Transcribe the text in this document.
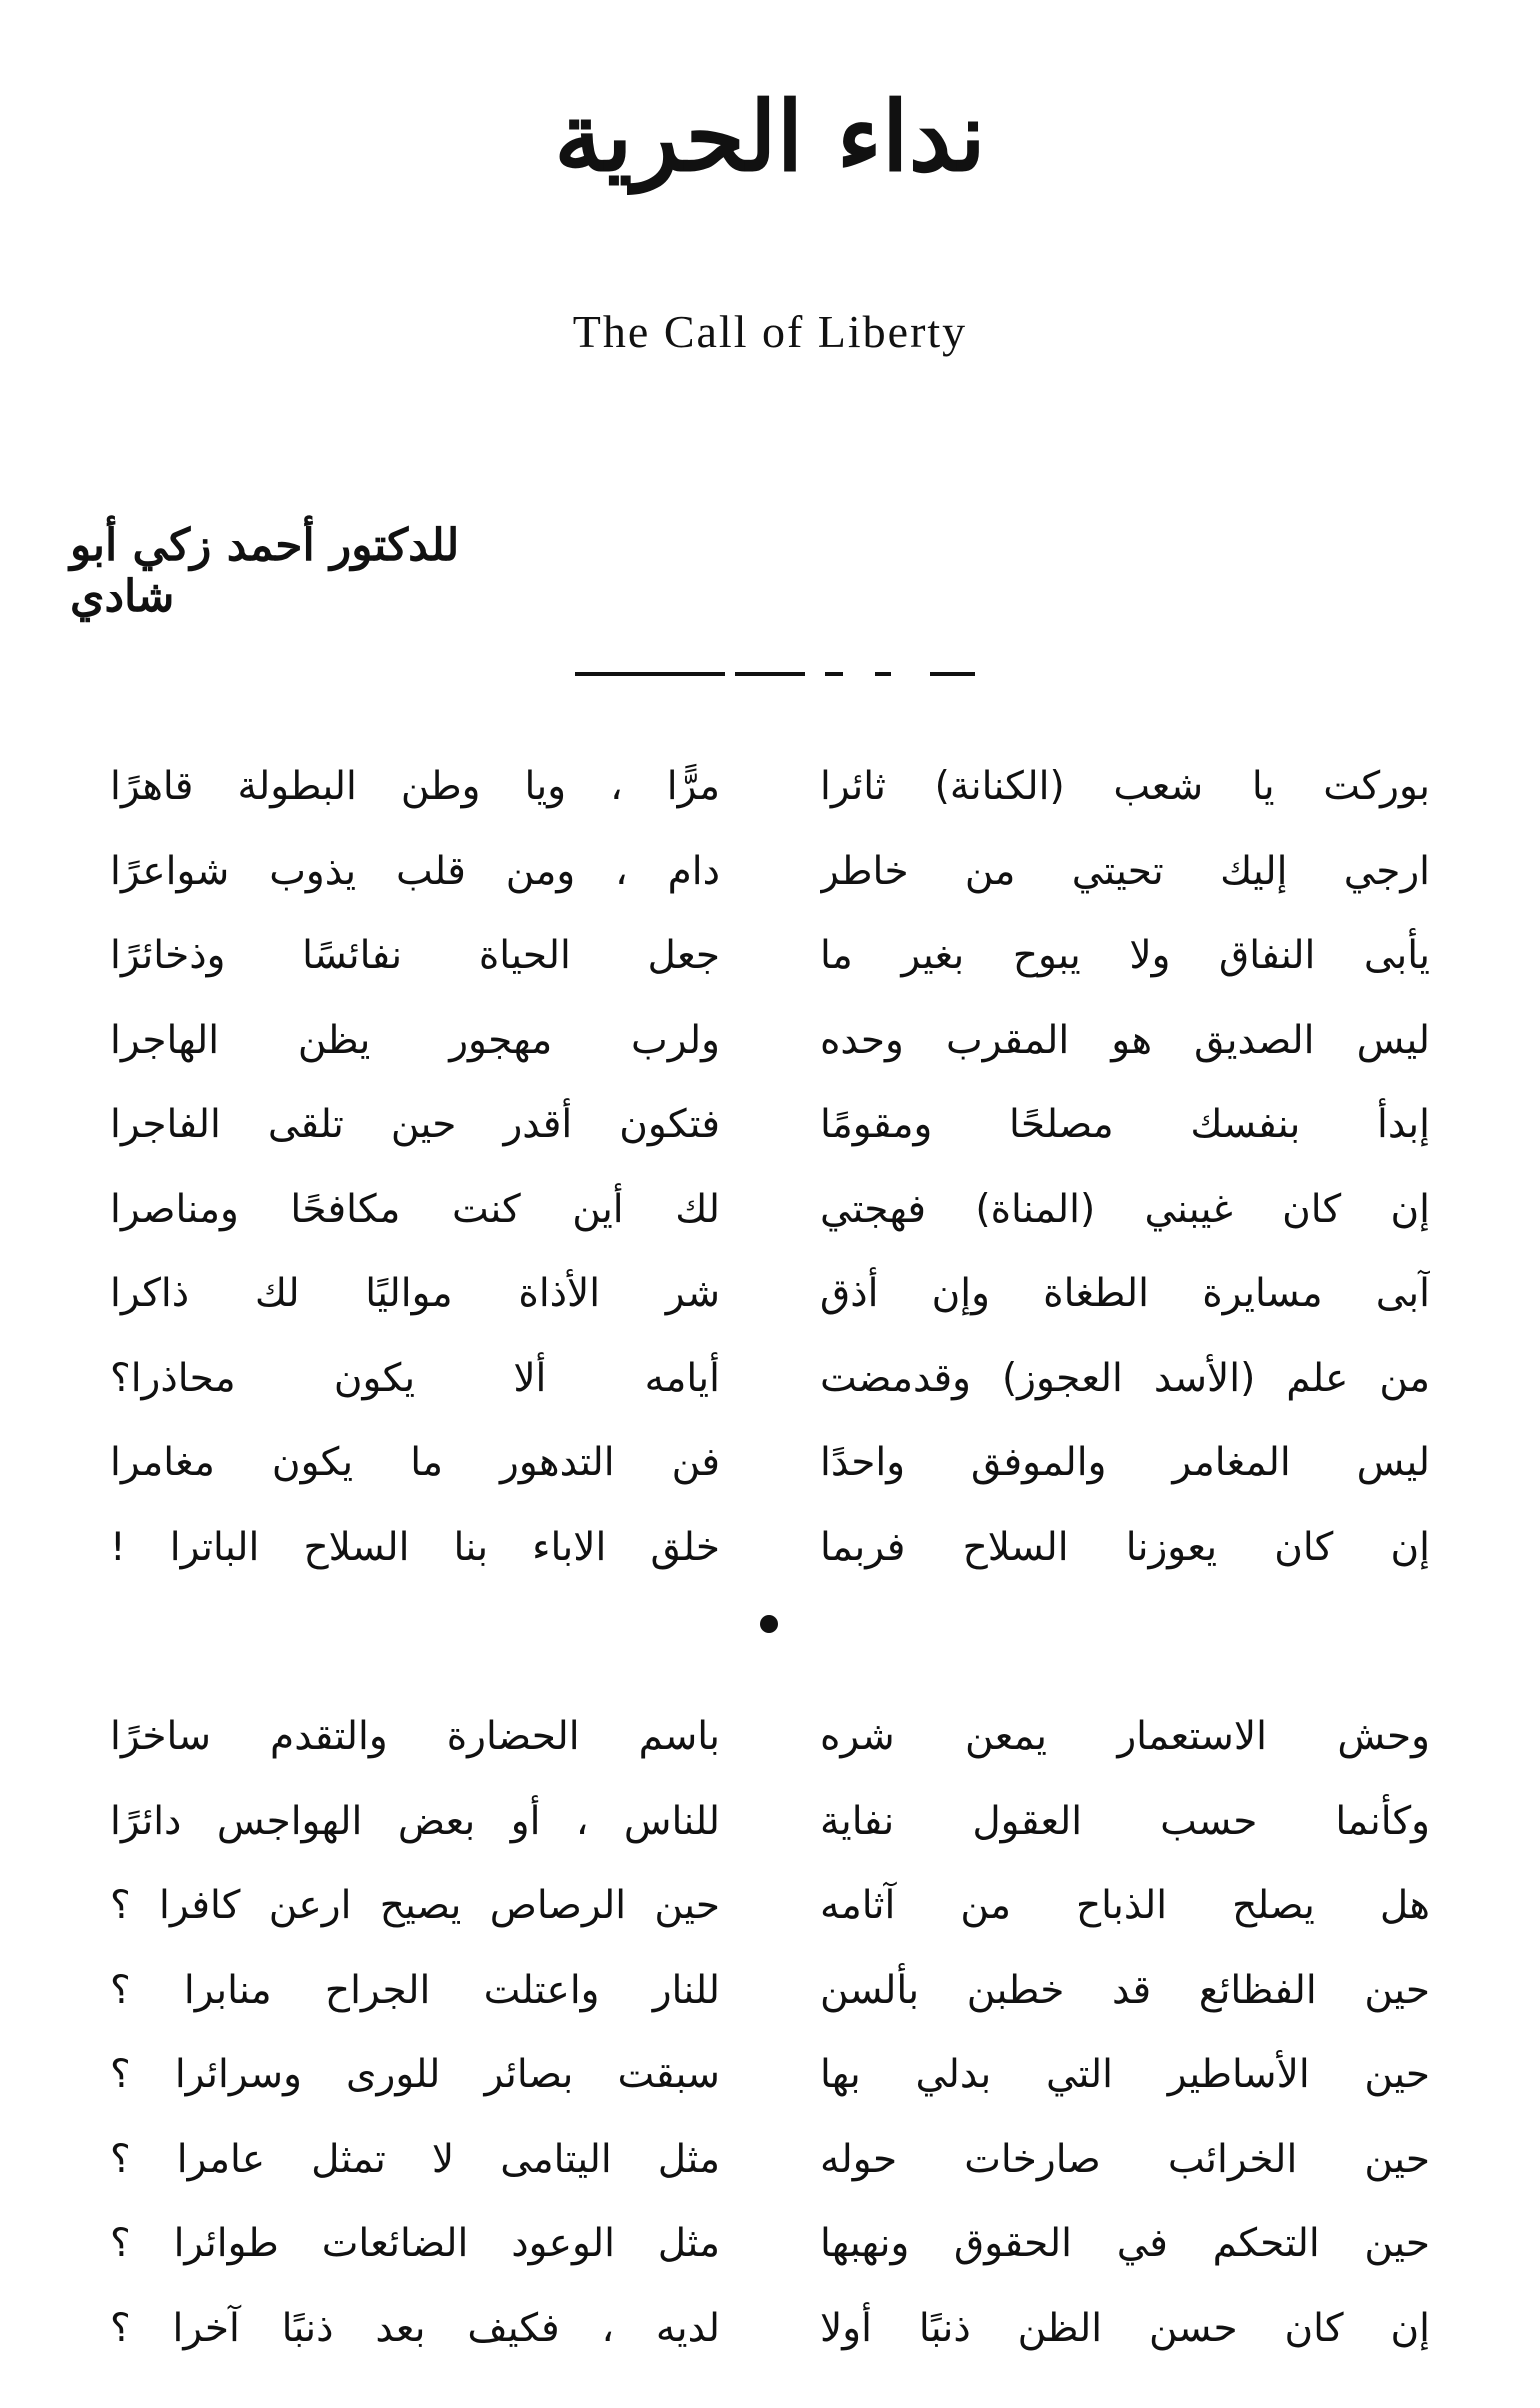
نداء الحرية
The Call of Liberty
للدكتور أحمد زكي أبو شادي
بوركت يا شعب (الكنانة) ثائرا
مرًّا ، ويا وطن البطولة قاهرًا
ارجي إليك تحيتي من خاطر
دام ، ومن قلب يذوب شواعرًا
يأبى النفاق ولا يبوح بغير ما
جعل الحياة نفائسًا وذخائرًا
ليس الصديق هو المقرب وحده
ولرب مهجور يظن الهاجرا
إبدأ بنفسك مصلحًا ومقومًا
فتكون أقدر حين تلقى الفاجرا
إن كان غيبني (المناة) فهجتي
لك أين كنت مكافحًا ومناصرا
آبى مسايرة الطغاة وإن أذق
شر الأذاة مواليًا لك ذاكرا
من علم (الأسد العجوز) وقدمضت
أيامه ألا يكون محاذرا؟
ليس المغامر والموفق واحدًا
فن التدهور ما يكون مغامرا
إن كان يعوزنا السلاح فربما
خلق الاباء بنا السلاح الباترا !
وحش الاستعمار يمعن شره
باسم الحضارة والتقدم ساخرًا
وكأنما حسب العقول نفاية
للناس ، أو بعض الهواجس دائرًا
هل يصلح الذباح من آثامه
حين الرصاص يصيح ارعن كافرا ؟
حين الفظائع قد خطبن بألسن
للنار واعتلت الجراح منابرا ؟
حين الأساطير التي بدلي بها
سبقت بصائر للورى وسرائرا ؟
حين الخرائب صارخات حوله
مثل اليتامى لا تمثل عامرا ؟
حين التحكم في الحقوق ونهبها
مثل الوعود الضائعات طوائرا ؟
إن كان حسن الظن ذنبًا أولا
لديه ، فكيف بعد ذنبًا آخرا ؟
